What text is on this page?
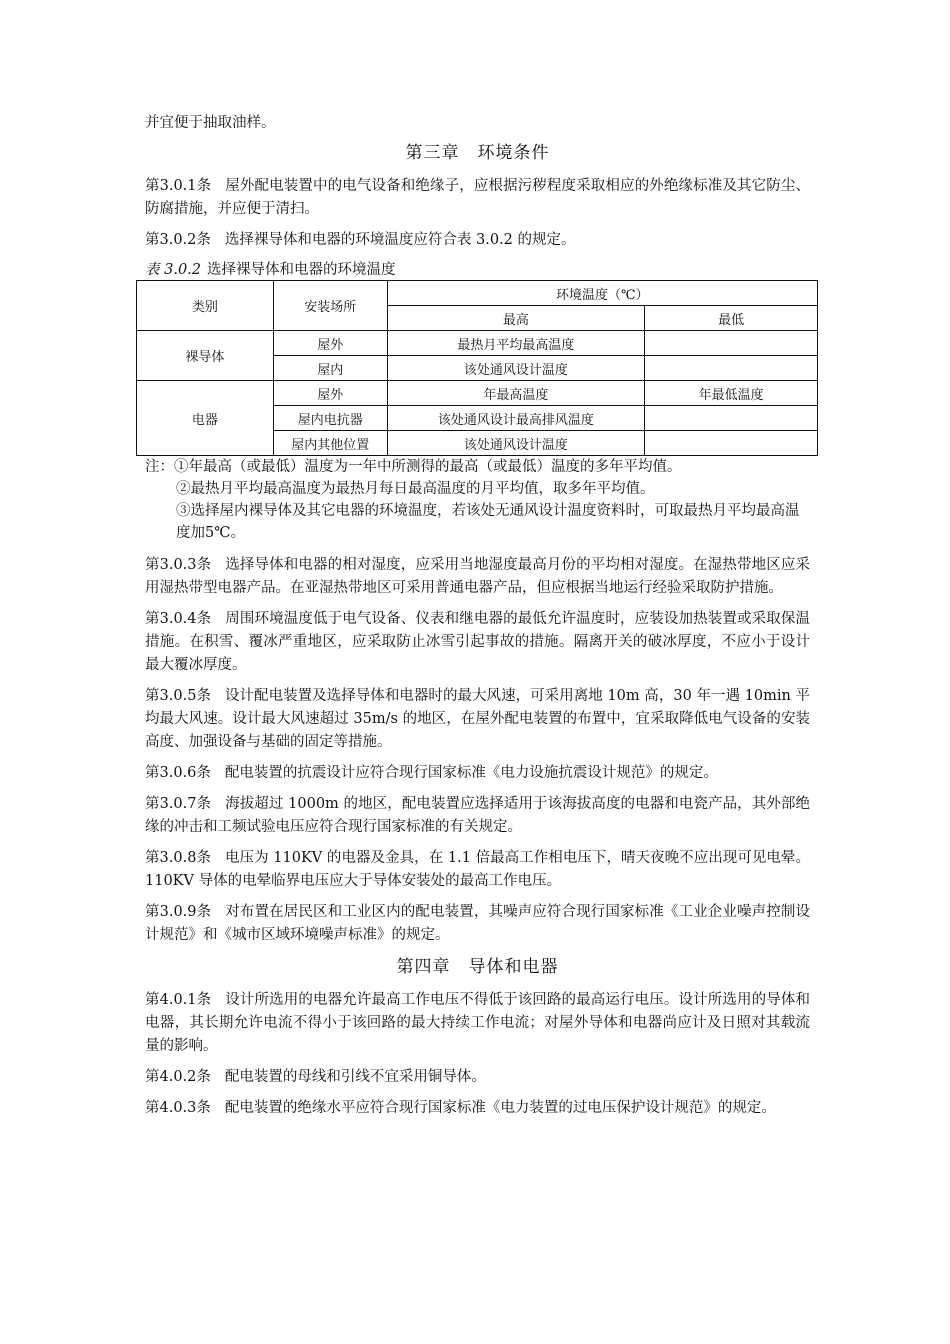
并宜便于抽取油样。

第三章　环境条件

第3.0.1条 屋外配电装置中的电气设备和绝缘子，应根据污秽程度采取相应的外绝缘标准及其它防尘、防腐措施，并应便于清扫。

第3.0.2条 选择裸导体和电器的环境温度应符合表 3.0.2 的规定。

表 3.0.2 选择裸导体和电器的环境温度

类别	安装场所	环境温度（℃）	
		最高	最低
裸导体	屋外	最热月平均最高温度	
	屋内	该处通风设计温度	
电器	屋外	年最高温度	年最低温度
	屋内电抗器	该处通风设计最高排风温度	
	屋内其他位置	该处通风设计温度	

注：①年最高（或最低）温度为一年中所测得的最高（或最低）温度的多年平均值。

②最热月平均最高温度为最热月每日最高温度的月平均值，取多年平均值。

③选择屋内裸导体及其它电器的环境温度，若该处无通风设计温度资料时，可取最热月平均最高温度加5℃。

第3.0.3条 选择导体和电器的相对湿度，应采用当地湿度最高月份的平均相对湿度。在湿热带地区应采用湿热带型电器产品。在亚湿热带地区可采用普通电器产品，但应根据当地运行经验采取防护措施。

第3.0.4条 周围环境温度低于电气设备、仪表和继电器的最低允许温度时，应装设加热装置或采取保温措施。在积雪、覆冰严重地区，应采取防止冰雪引起事故的措施。隔离开关的破冰厚度，不应小于设计最大覆冰厚度。

第3.0.5条 设计配电装置及选择导体和电器时的最大风速，可采用离地 10m 高，30 年一遇 10min 平均最大风速。设计最大风速超过 35m/s 的地区，在屋外配电装置的布置中，宜采取降低电气设备的安装高度、加强设备与基础的固定等措施。

第3.0.6条 配电装置的抗震设计应符合现行国家标准《电力设施抗震设计规范》的规定。

第3.0.7条 海拔超过 1000m 的地区，配电装置应选择适用于该海拔高度的电器和电瓷产品，其外部绝缘的冲击和工频试验电压应符合现行国家标准的有关规定。

第3.0.8条 电压为 110KV 的电器及金具，在 1.1 倍最高工作相电压下，晴天夜晚不应出现可见电晕。110KV 导体的电晕临界电压应大于导体安装处的最高工作电压。

第3.0.9条 对布置在居民区和工业区内的配电装置，其噪声应符合现行国家标准《工业企业噪声控制设计规范》和《城市区域环境噪声标准》的规定。

第四章　导体和电器

第4.0.1条 设计所选用的电器允许最高工作电压不得低于该回路的最高运行电压。设计所选用的导体和电器，其长期允许电流不得小于该回路的最大持续工作电流；对屋外导体和电器尚应计及日照对其载流量的影响。

第4.0.2条 配电装置的母线和引线不宜采用铜导体。

第4.0.3条 配电装置的绝缘水平应符合现行国家标准《电力装置的过电压保护设计规范》的规定。
